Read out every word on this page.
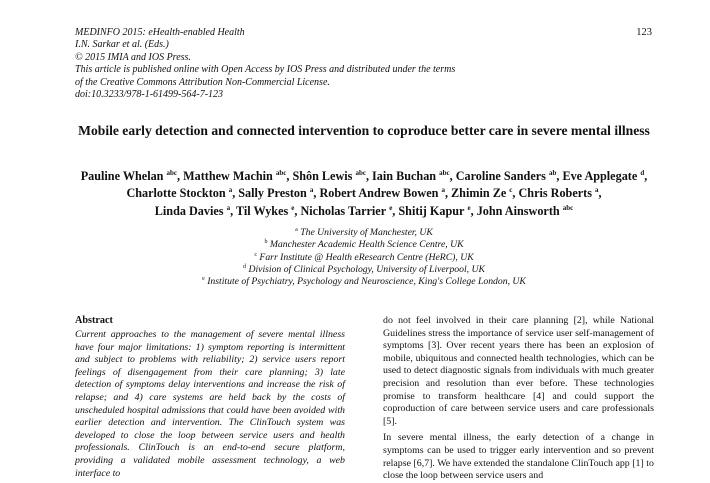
MEDINFO 2015: eHealth-enabled Health
I.N. Sarkar et al. (Eds.)
© 2015 IMIA and IOS Press.
This article is published online with Open Access by IOS Press and distributed under the terms
of the Creative Commons Attribution Non-Commercial License.
doi:10.3233/978-1-61499-564-7-123
123
Mobile early detection and connected intervention to coproduce better care in severe mental illness
Pauline Whelan $^{abc}$, Matthew Machin $^{abc}$, Shôn Lewis $^{abc}$, Iain Buchan $^{abc}$, Caroline Sanders $^{ab}$, Eve Applegate $^d$, Charlotte Stockton $^a$, Sally Preston $^a$, Robert Andrew Bowen $^a$, Zhimin Ze $^c$, Chris Roberts $^a$,
Linda Davies $^a$, Til Wykes $^e$, Nicholas Tarrier $^e$, Shitij Kapur $^e$, John Ainsworth $^{abc}$
$^a$ The University of Manchester, UK
$^b$ Manchester Academic Health Science Centre, UK
$^c$ Farr Institute @ Health eResearch Centre (HeRC), UK
$^d$ Division of Clinical Psychology, University of Liverpool, UK
$^e$ Institute of Psychiatry, Psychology and Neuroscience, King's College London, UK
Abstract
Current approaches to the management of severe mental illness have four major limitations: 1) symptom reporting is intermittent and subject to problems with reliability; 2) service users report feelings of disengagement from their care planning; 3) late detection of symptoms delay interventions and increase the risk of relapse; and 4) care systems are held back by the costs of unscheduled hospital admissions that could have been avoided with earlier detection and intervention. The ClinTouch system was developed to close the loop between service users and health professionals. ClinTouch is an end-to-end secure platform, providing a validated mobile assessment technology, a web interface to

do not feel involved in their care planning [2], while National Guidelines stress the importance of service user self-management of symptoms [3]. Over recent years there has been an explosion of mobile, ubiquitous and connected health technologies, which can be used to detect diagnostic signals from individuals with much greater precision and resolution than ever before. These technologies promise to transform healthcare [4] and could support the coproduction of care between service users and care professionals [5].

In severe mental illness, the early detection of a change in symptoms can be used to trigger early intervention and so prevent relapse [6,7]. We have extended the standalone ClinTouch app [1] to close the loop between service users and
